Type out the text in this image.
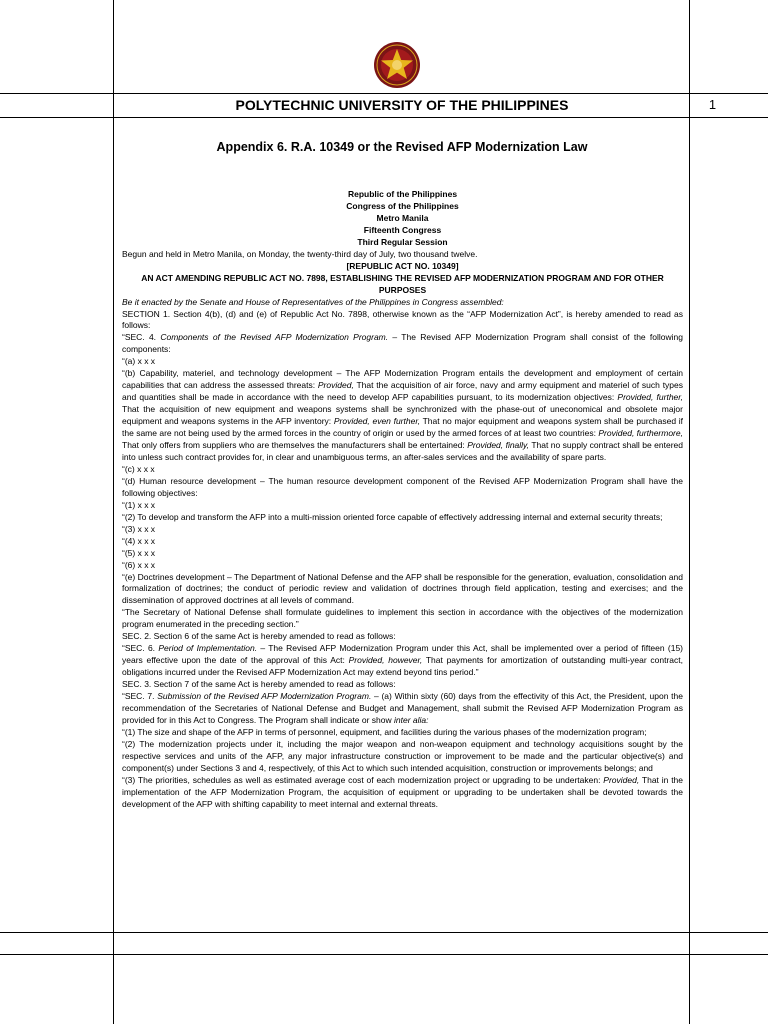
POLYTECHNIC UNIVERSITY OF THE PHILIPPINES	1
Appendix 6. R.A. 10349 or the Revised AFP Modernization Law

Republic of the Philippines

Congress of the Philippines

Metro Manila

Fifteenth Congress

Third Regular Session

Begun and held in Metro Manila, on Monday, the twenty-third day of July, two thousand twelve.

[REPUBLIC ACT NO. 10349]

AN ACT AMENDING REPUBLIC ACT NO. 7898, ESTABLISHING THE REVISED AFP MODERNIZATION PROGRAM AND FOR OTHER PURPOSES

Be it enacted by the Senate and House of Representatives of the Philippines in Congress assembled:

SECTION 1. Section 4(b), (d) and (e) of Republic Act No. 7898, otherwise known as the “AFP Modernization Act”, is hereby amended to read as follows:

“SEC. 4. Components of the Revised AFP Modernization Program. – The Revised AFP Modernization Program shall consist of the following components:

“(a) x x x

“(b) Capability, materiel, and technology development – The AFP Modernization Program entails the development and employment of certain capabilities that can address the assessed threats: Provided, That the acquisition of air force, navy and army equipment and materiel of such types and quantities shall be made in accordance with the need to develop AFP capabilities pursuant, to its modernization objectives: Provided, further, That the acquisition of new equipment and weapons systems shall be synchronized with the phase-out of uneconomical and obsolete major equipment and weapons systems in the AFP inventory: Provided, even further, That no major equipment and weapons system shall be purchased if the same are not being used by the armed forces in the country of origin or used by the armed forces of at least two countries: Provided, furthermore, That only offers from suppliers who are themselves the manufacturers shall be entertained: Provided, finally, That no supply contract shall be entered into unless such contract provides for, in clear and unambiguous terms, an after-sales services and the availability of spare parts.

“(c) x x x

“(d) Human resource development – The human resource development component of the Revised AFP Modernization Program shall have the following objectives:

“(1) x x x

“(2) To develop and transform the AFP into a multi-mission oriented force capable of effectively addressing internal and external security threats;

“(3) x x x

“(4) x x x

“(5) x x x

“(6) x x x

“(e) Doctrines development – The Department of National Defense and the AFP shall be responsible for the generation, evaluation, consolidation and formalization of doctrines; the conduct of periodic review and validation of doctrines through field application, testing and exercises; and the dissemination of approved doctrines at all levels of command.

“The Secretary of National Defense shall formulate guidelines to implement this section in accordance with the objectives of the modernization program enumerated in the preceding section.”

SEC. 2. Section 6 of the same Act is hereby amended to read as follows:

“SEC. 6. Period of Implementation. – The Revised AFP Modernization Program under this Act, shall be implemented over a period of fifteen (15) years effective upon the date of the approval of this Act: Provided, however, That payments for amortization of outstanding multi-year contract, obligations incurred under the Revised AFP Modernization Act may extend beyond tins period.”

SEC. 3. Section 7 of the same Act is hereby amended to read as follows:

“SEC. 7. Submission of the Revised AFP Modernization Program. – (a) Within sixty (60) days from the effectivity of this Act, the President, upon the recommendation of the Secretaries of National Defense and Budget and Management, shall submit the Revised AFP Modernization Program as provided for in this Act to Congress. The Program shall indicate or show inter alia:

“(1) The size and shape of the AFP in terms of personnel, equipment, and facilities during the various phases of the modernization program;

“(2) The modernization projects under it, including the major weapon and non-weapon equipment and technology acquisitions sought by the respective services and units of the AFP, any major infrastructure construction or improvement to be made and the particular objective(s) and component(s) under Sections 3 and 4, respectively, of this Act to which such intended acquisition, construction or improvements belongs; and

“(3) The priorities, schedules as well as estimated average cost of each modernization project or upgrading to be undertaken: Provided, That in the implementation of the AFP Modernization Program, the acquisition of equipment or upgrading to be undertaken shall be devoted towards the development of the AFP with shifting capability to meet internal and external threats.
